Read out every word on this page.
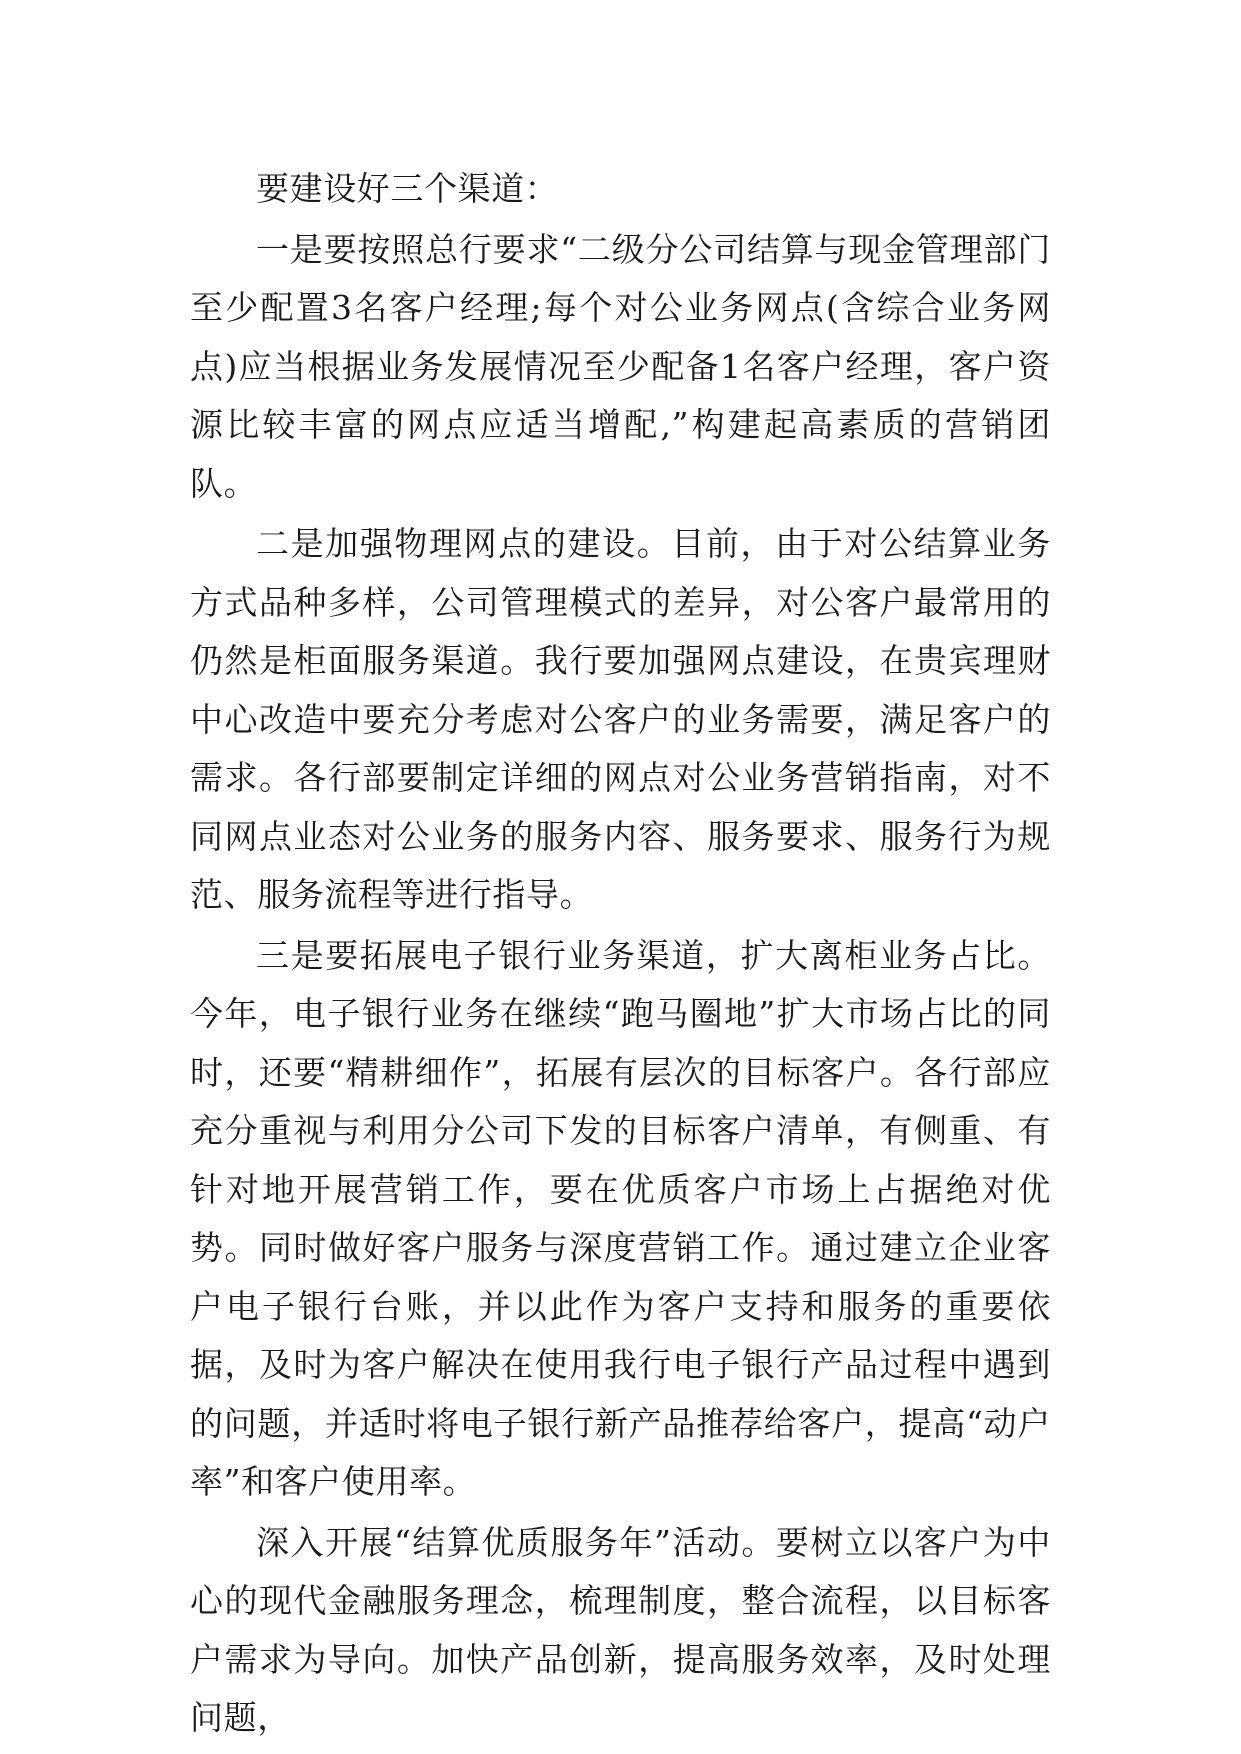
要建设好三个渠道：

一是要按照总行要求“二级分公司结算与现金管理部门至少配置3名客户经理;每个对公业务网点(含综合业务网点)应当根据业务发展情况至少配备1名客户经理，客户资源比较丰富的网点应适当增配,”构建起高素质的营销团队。

二是加强物理网点的建设。目前，由于对公结算业务方式品种多样，公司管理模式的差异，对公客户最常用的仍然是柜面服务渠道。我行要加强网点建设，在贵宾理财中心改造中要充分考虑对公客户的业务需要，满足客户的需求。各行部要制定详细的网点对公业务营销指南，对不同网点业态对公业务的服务内容、服务要求、服务行为规范、服务流程等进行指导。

三是要拓展电子银行业务渠道，扩大离柜业务占比。今年，电子银行业务在继续“跑马圈地”扩大市场占比的同时，还要“精耕细作”，拓展有层次的目标客户。各行部应充分重视与利用分公司下发的目标客户清单，有侧重、有针对地开展营销工作，要在优质客户市场上占据绝对优势。同时做好客户服务与深度营销工作。通过建立企业客户电子银行台账，并以此作为客户支持和服务的重要依据，及时为客户解决在使用我行电子银行产品过程中遇到的问题，并适时将电子银行新产品推荐给客户，提高“动户率”和客户使用率。

深入开展“结算优质服务年”活动。要树立以客户为中心的现代金融服务理念，梳理制度，整合流程，以目标客户需求为导向。加快产品创新，提高服务效率，及时处理问题，
